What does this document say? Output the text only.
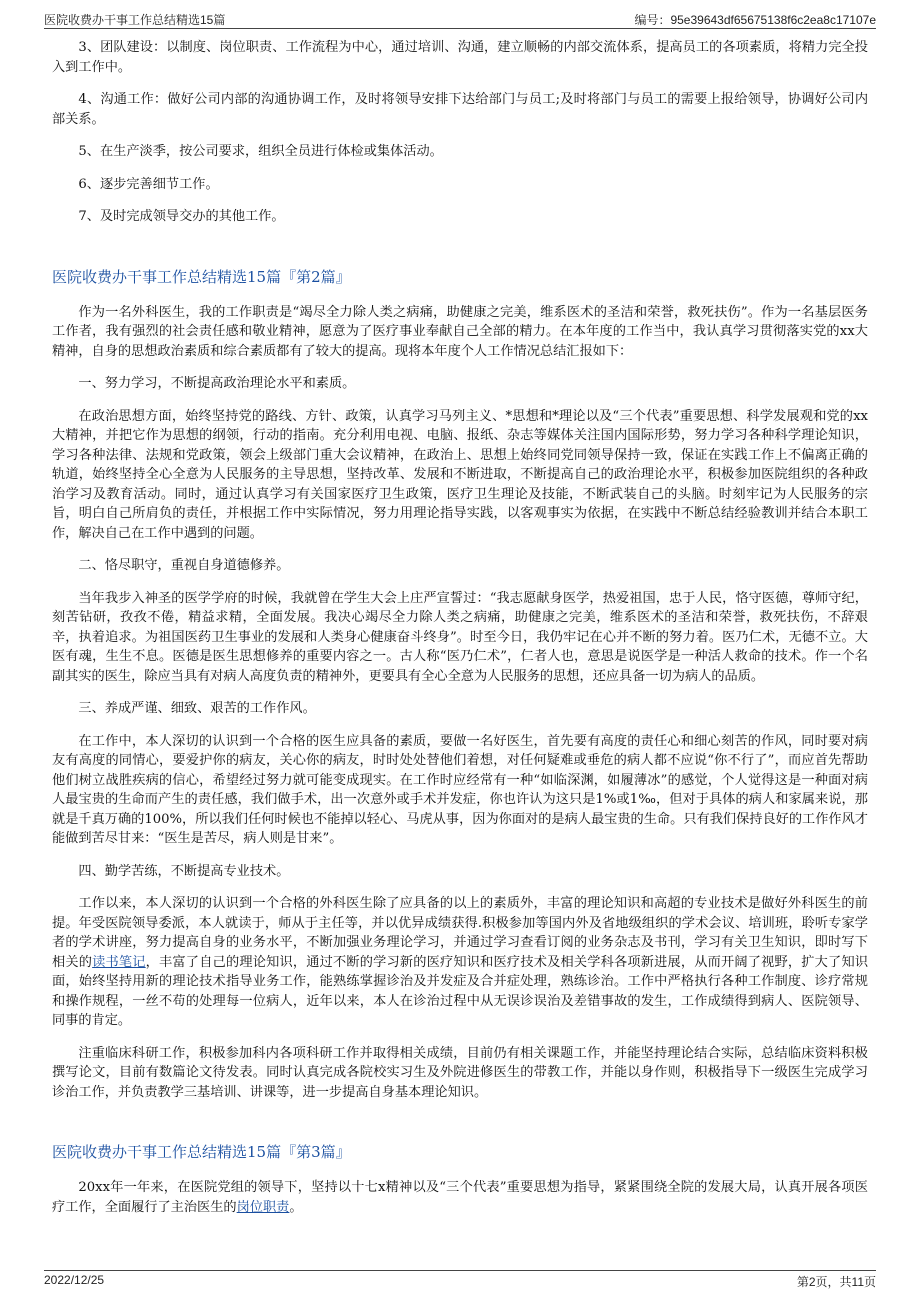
医院收费办干事工作总结精选15篇	编号：95e39643df65675138f6c2ea8c17107e

3、团队建设：以制度、岗位职责、工作流程为中心，通过培训、沟通，建立顺畅的内部交流体系，提高员工的各项素质，将精力完全投入到工作中。

4、沟通工作：做好公司内部的沟通协调工作，及时将领导安排下达给部门与员工;及时将部门与员工的需要上报给领导，协调好公司内部关系。

5、在生产淡季，按公司要求，组织全员进行体检或集体活动。

6、逐步完善细节工作。

7、及时完成领导交办的其他工作。

医院收费办干事工作总结精选15篇『第2篇』

作为一名外科医生，我的工作职责是“竭尽全力除人类之病痛，助健康之完美，维系医术的圣洁和荣誉，救死扶伤”。作为一名基层医务工作者，我有强烈的社会责任感和敬业精神，愿意为了医疗事业奉献自己全部的精力。在本年度的工作当中，我认真学习贯彻落实党的xx大精神，自身的思想政治素质和综合素质都有了较大的提高。现将本年度个人工作情况总结汇报如下：

一、努力学习，不断提高政治理论水平和素质。

在政治思想方面，始终坚持党的路线、方针、政策，认真学习马列主义、*思想和*理论以及“三个代表”重要思想、科学发展观和党的xx大精神，并把它作为思想的纲领，行动的指南。充分利用电视、电脑、报纸、杂志等媒体关注国内国际形势，努力学习各种科学理论知识，学习各种法律、法规和党政策，领会上级部门重大会议精神，在政治上、思想上始终同党同领导保持一致，保证在实践工作上不偏离正确的轨道，始终坚持全心全意为人民服务的主导思想，坚持改革、发展和不断进取，不断提高自己的政治理论水平，积极参加医院组织的各种政治学习及教育活动。同时，通过认真学习有关国家医疗卫生政策，医疗卫生理论及技能，不断武装自己的头脑。时刻牢记为人民服务的宗旨，明白自己所肩负的责任，并根据工作中实际情况，努力用理论指导实践，以客观事实为依据，在实践中不断总结经验教训并结合本职工作，解决自己在工作中遇到的问题。

二、恪尽职守，重视自身道德修养。

当年我步入神圣的医学学府的时候，我就曾在学生大会上庄严宣誓过：“我志愿献身医学，热爱祖国，忠于人民，恪守医德，尊师守纪，刻苦钻研，孜孜不倦，精益求精，全面发展。我决心竭尽全力除人类之病痛，助健康之完美，维系医术的圣洁和荣誉，救死扶伤，不辞艰辛，执着追求。为祖国医药卫生事业的发展和人类身心健康奋斗终身”。时至今日，我仍牢记在心并不断的努力着。医乃仁术，无德不立。大医有魂，生生不息。医德是医生思想修养的重要内容之一。古人称“医乃仁术”，仁者人也，意思是说医学是一种活人救命的技术。作一个名副其实的医生，除应当具有对病人高度负责的精神外，更要具有全心全意为人民服务的思想，还应具备一切为病人的品质。

三、养成严谨、细致、艰苦的工作作风。

在工作中，本人深切的认识到一个合格的医生应具备的素质，要做一名好医生，首先要有高度的责任心和细心刻苦的作风，同时要对病友有高度的同情心，要爱护你的病友，关心你的病友，时时处处替他们着想，对任何疑难或垂危的病人都不应说“你不行了”，而应首先帮助他们树立战胜疾病的信心，希望经过努力就可能变成现实。在工作时应经常有一种“如临深渊，如履薄冰”的感觉，个人觉得这是一种面对病人最宝贵的生命而产生的责任感，我们做手术，出一次意外或手术并发症，你也许认为这只是1%或1‰，但对于具体的病人和家属来说，那就是千真万确的100%，所以我们任何时候也不能掉以轻心、马虎从事，因为你面对的是病人最宝贵的生命。只有我们保持良好的工作作风才能做到苦尽甘来：“医生是苦尽，病人则是甘来”。

四、勤学苦练，不断提高专业技术。

工作以来，本人深切的认识到一个合格的外科医生除了应具备的以上的素质外，丰富的理论知识和高超的专业技术是做好外科医生的前提。年受医院领导委派，本人就读于，师从于主任等，并以优异成绩获得.积极参加等国内外及省地级组织的学术会议、培训班，聆听专家学者的学术讲座，努力提高自身的业务水平，不断加强业务理论学习，并通过学习查看订阅的业务杂志及书刊，学习有关卫生知识，即时写下相关的读书笔记，丰富了自己的理论知识，通过不断的学习新的医疗知识和医疗技术及相关学科各项新进展，从而开阔了视野，扩大了知识面，始终坚持用新的理论技术指导业务工作，能熟练掌握诊治及并发症及合并症处理，熟练诊治。工作中严格执行各种工作制度、诊疗常规和操作规程，一丝不苟的处理每一位病人，近年以来，本人在诊治过程中从无误诊误治及差错事故的发生，工作成绩得到病人、医院领导、同事的肯定。

注重临床科研工作，积极参加科内各项科研工作并取得相关成绩，目前仍有相关课题工作，并能坚持理论结合实际，总结临床资料积极撰写论文，目前有数篇论文待发表。同时认真完成各院校实习生及外院进修医生的带教工作，并能以身作则，积极指导下一级医生完成学习诊治工作，并负责教学三基培训、讲课等，进一步提高自身基本理论知识。

医院收费办干事工作总结精选15篇『第3篇』

20xx年一年来，在医院党组的领导下，坚持以十七x精神以及“三个代表”重要思想为指导，紧紧围绕全院的发展大局，认真开展各项医疗工作，全面履行了主治医生的岗位职责。

2022/12/25	第2页，共11页
